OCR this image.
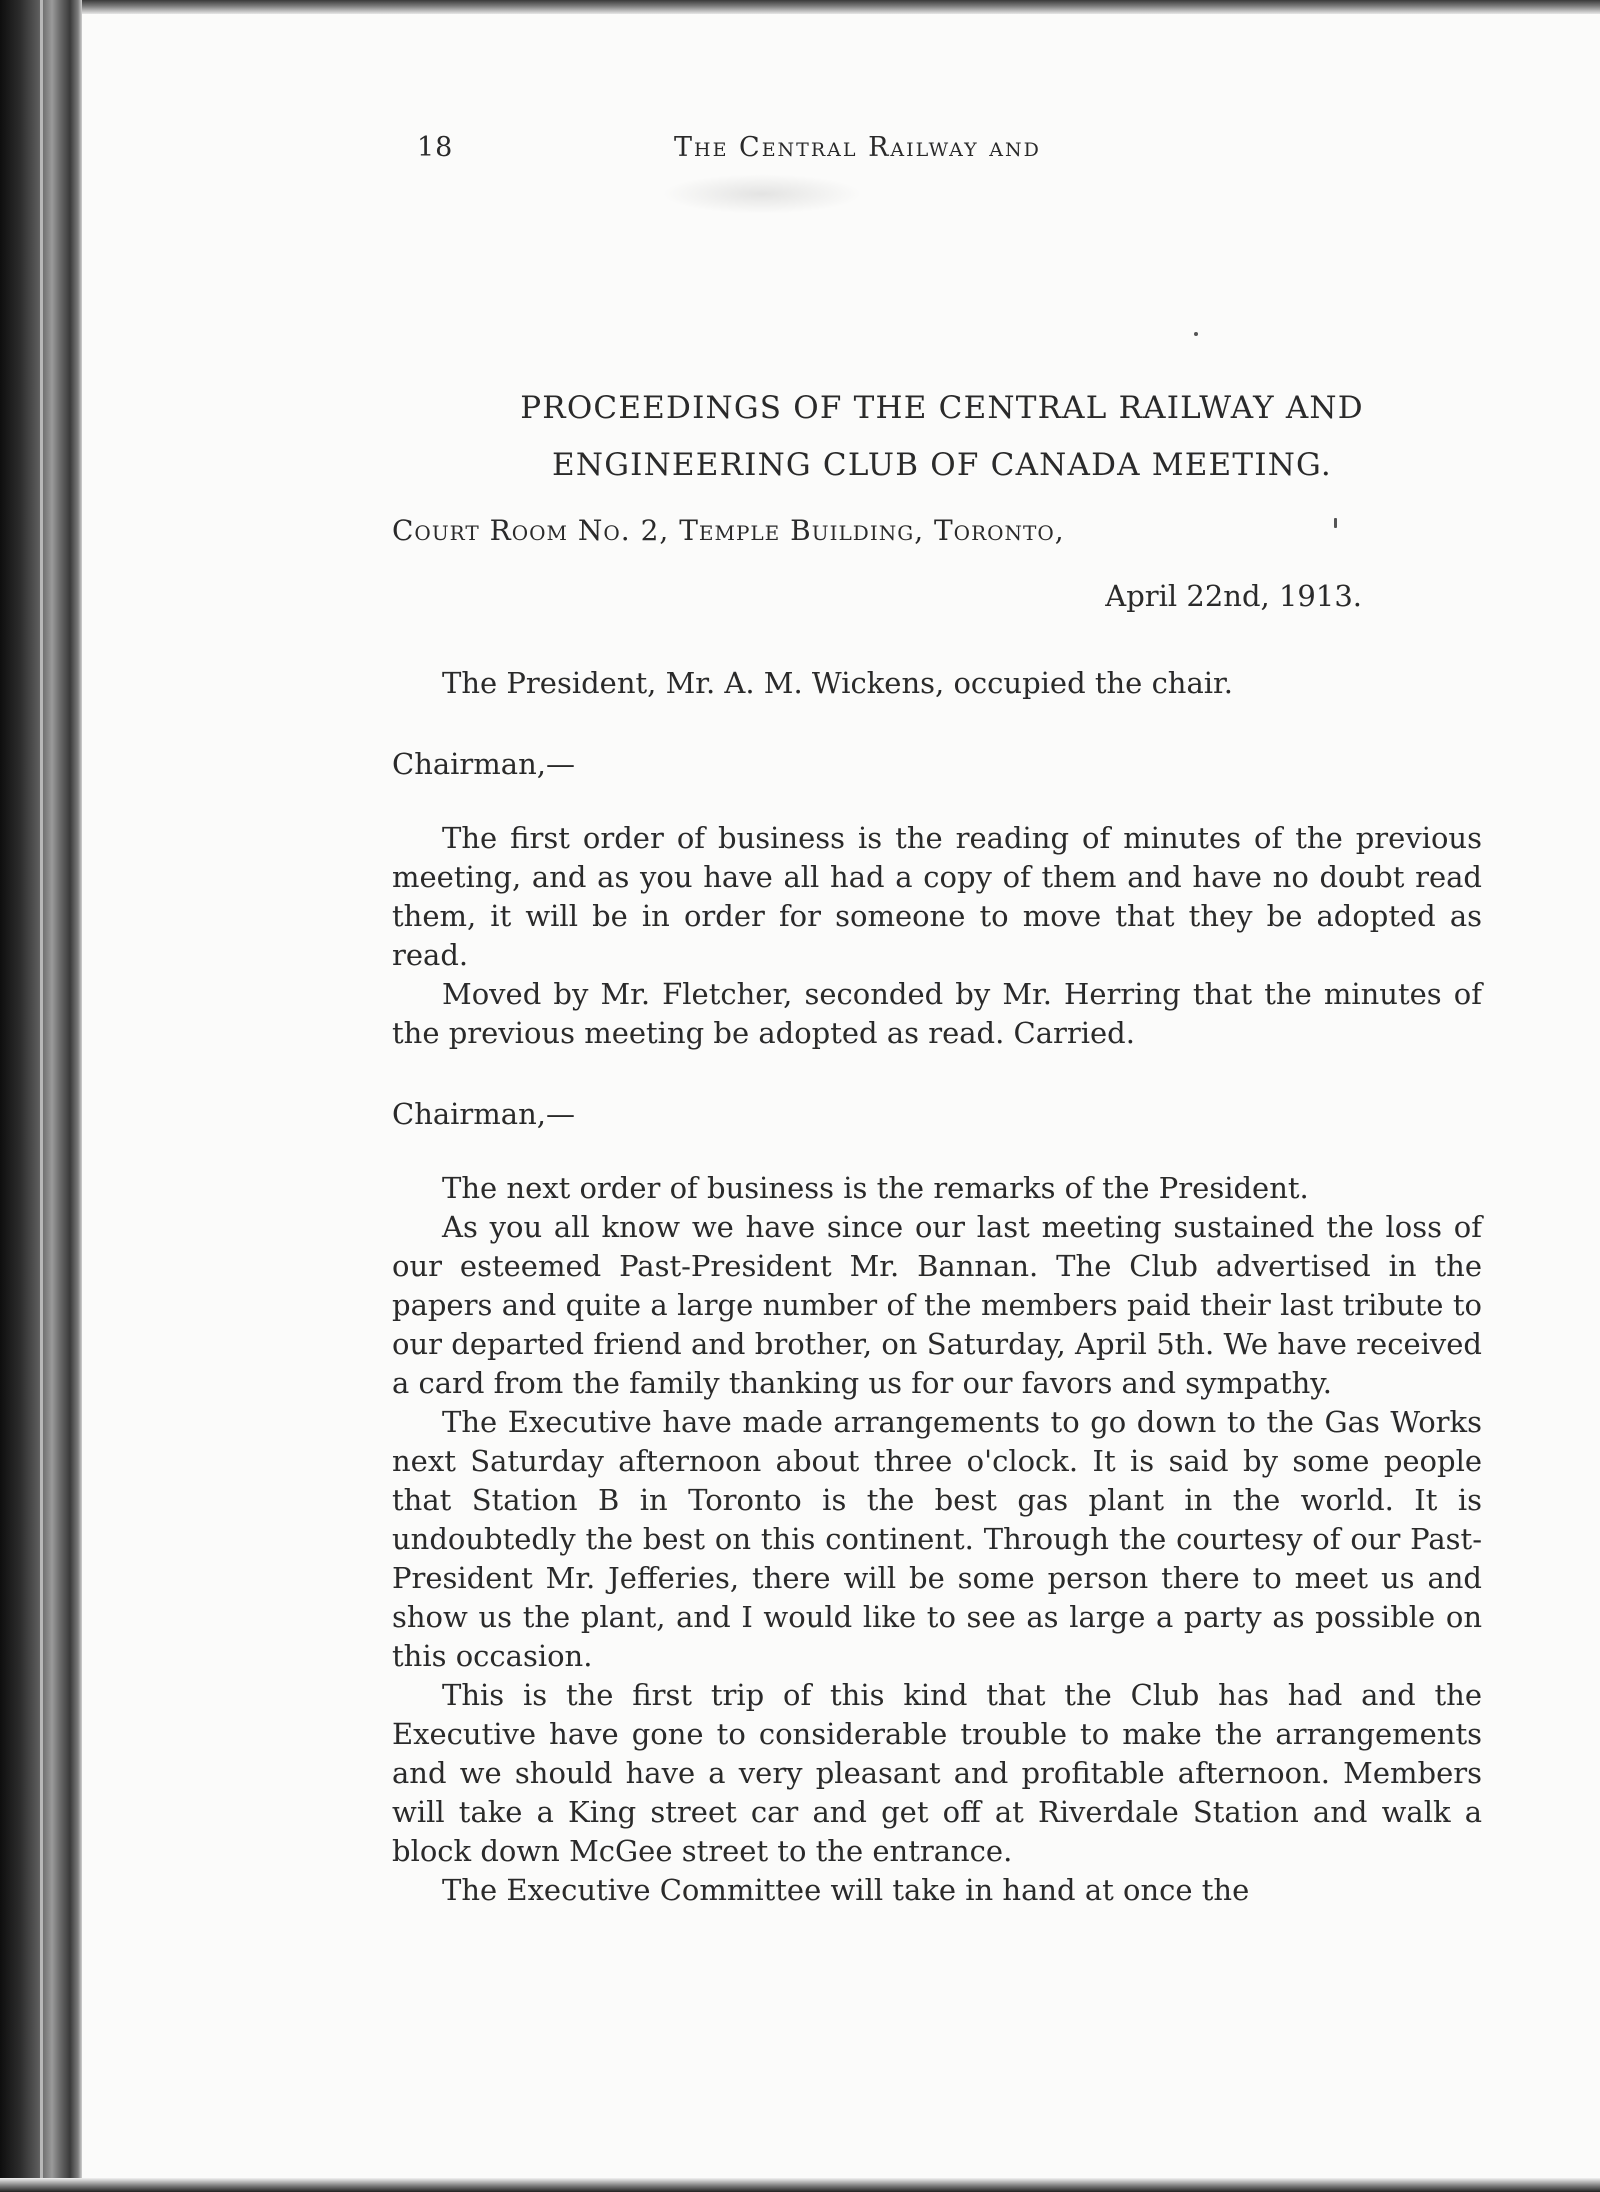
18	The Central Railway and
PROCEEDINGS OF THE CENTRAL RAILWAY AND
ENGINEERING CLUB OF CANADA MEETING.
Court Room No. 2, Temple Building, Toronto,
April 22nd, 1913.

The President, Mr. A. M. Wickens, occupied the chair.

Chairman,—

The first order of business is the reading of minutes of the previous meeting, and as you have all had a copy of them and have no doubt read them, it will be in order for someone to move that they be adopted as read.

Moved by Mr. Fletcher, seconded by Mr. Herring that the minutes of the previous meeting be adopted as read. Carried.

Chairman,—

The next order of business is the remarks of the President.

As you all know we have since our last meeting sustained the loss of our esteemed Past-President Mr. Bannan. The Club advertised in the papers and quite a large number of the members paid their last tribute to our departed friend and brother, on Saturday, April 5th. We have received a card from the family thanking us for our favors and sympathy.

The Executive have made arrangements to go down to the Gas Works next Saturday afternoon about three o'clock. It is said by some people that Station B in Toronto is the best gas plant in the world. It is undoubtedly the best on this continent. Through the courtesy of our Past-President Mr. Jefferies, there will be some person there to meet us and show us the plant, and I would like to see as large a party as possible on this occasion.

This is the first trip of this kind that the Club has had and the Executive have gone to considerable trouble to make the arrangements and we should have a very pleasant and profitable afternoon. Members will take a King street car and get off at Riverdale Station and walk a block down McGee street to the entrance.

The Executive Committee will take in hand at once the
